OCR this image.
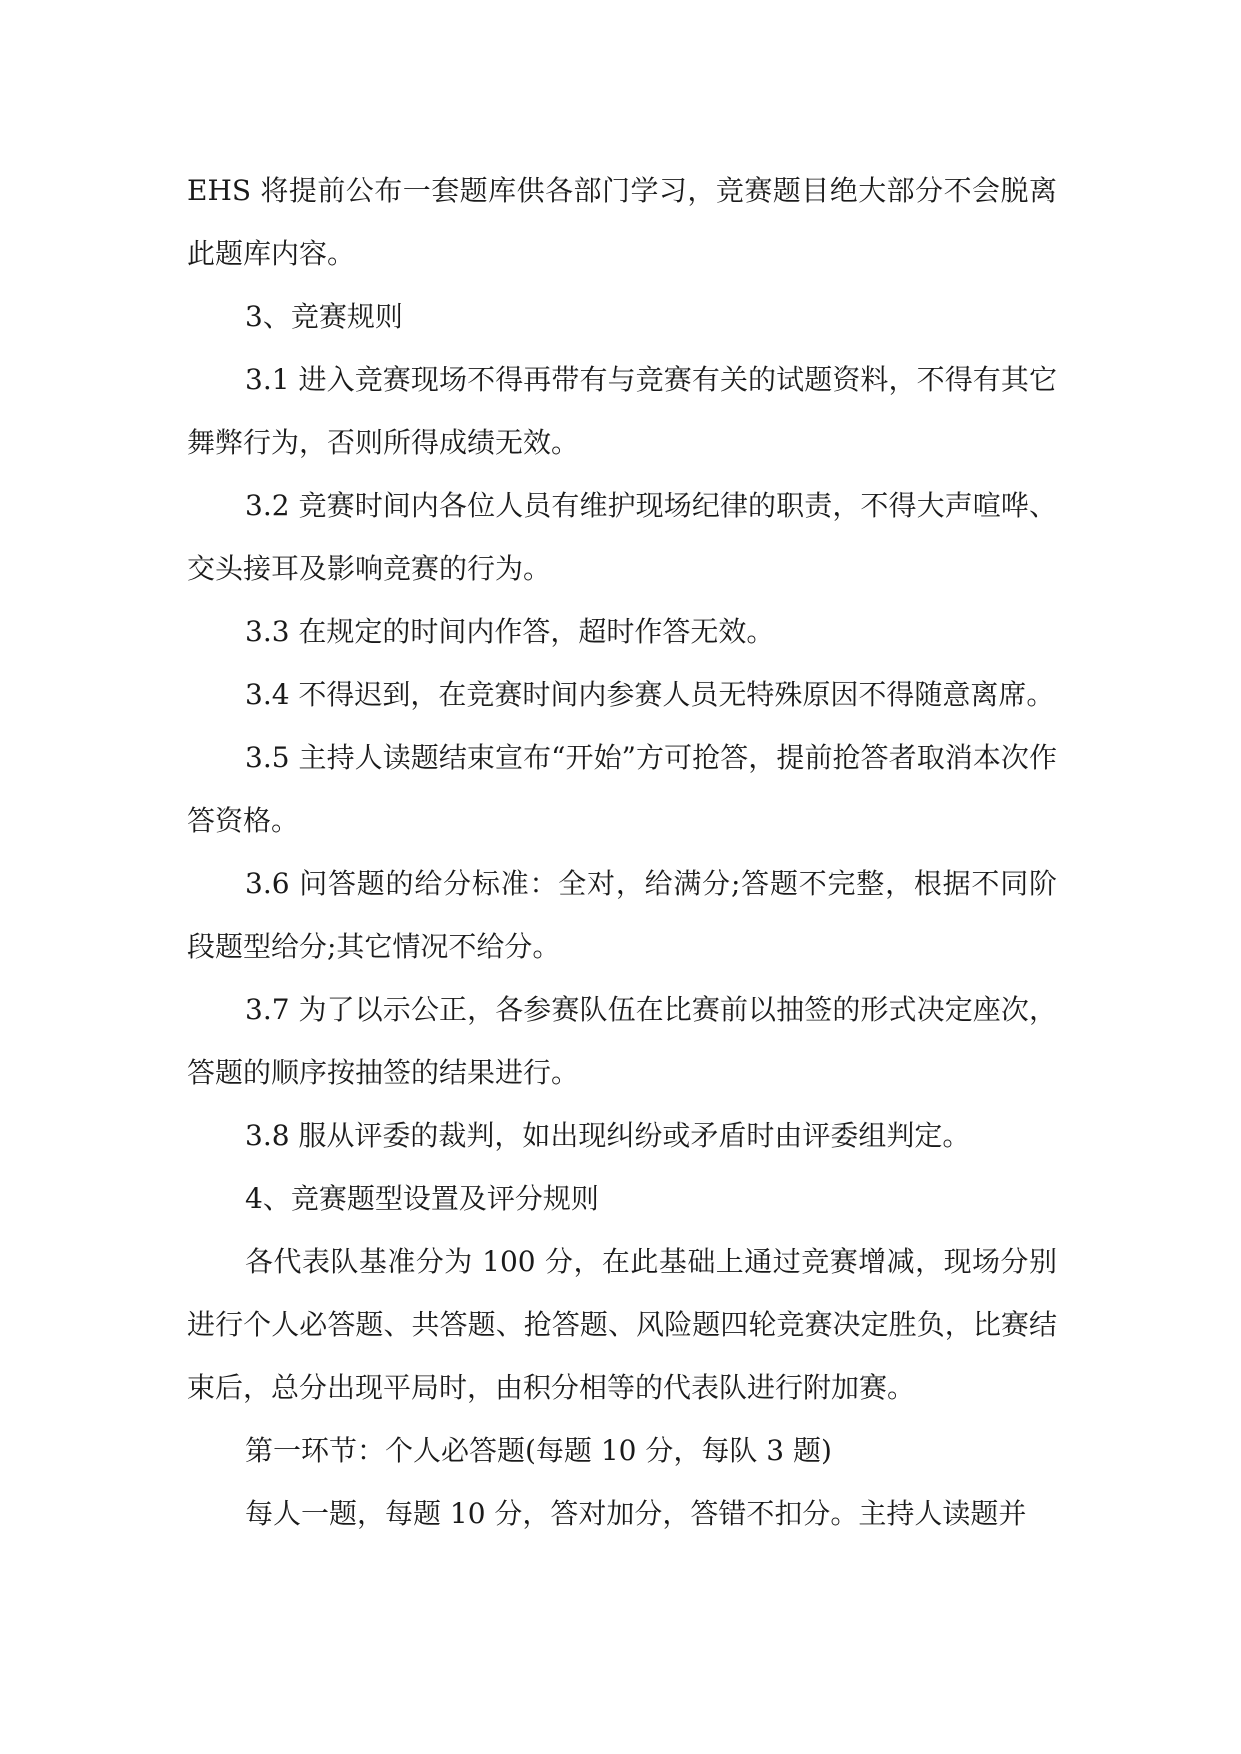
EHS 将提前公布一套题库供各部门学习，竞赛题目绝大部分不会脱离此题库内容。

3、竞赛规则

3.1 进入竞赛现场不得再带有与竞赛有关的试题资料，不得有其它舞弊行为，否则所得成绩无效。

3.2 竞赛时间内各位人员有维护现场纪律的职责，不得大声喧哗、交头接耳及影响竞赛的行为。

3.3 在规定的时间内作答，超时作答无效。

3.4 不得迟到，在竞赛时间内参赛人员无特殊原因不得随意离席。

3.5 主持人读题结束宣布“开始”方可抢答，提前抢答者取消本次作答资格。

3.6 问答题的给分标准：全对，给满分;答题不完整，根据不同阶段题型给分;其它情况不给分。

3.7 为了以示公正，各参赛队伍在比赛前以抽签的形式决定座次，答题的顺序按抽签的结果进行。

3.8 服从评委的裁判，如出现纠纷或矛盾时由评委组判定。

4、竞赛题型设置及评分规则

各代表队基准分为 100 分，在此基础上通过竞赛增减，现场分别进行个人必答题、共答题、抢答题、风险题四轮竞赛决定胜负，比赛结束后，总分出现平局时，由积分相等的代表队进行附加赛。

第一环节：个人必答题(每题 10 分，每队 3 题)

每人一题，每题 10 分，答对加分，答错不扣分。主持人读题并
